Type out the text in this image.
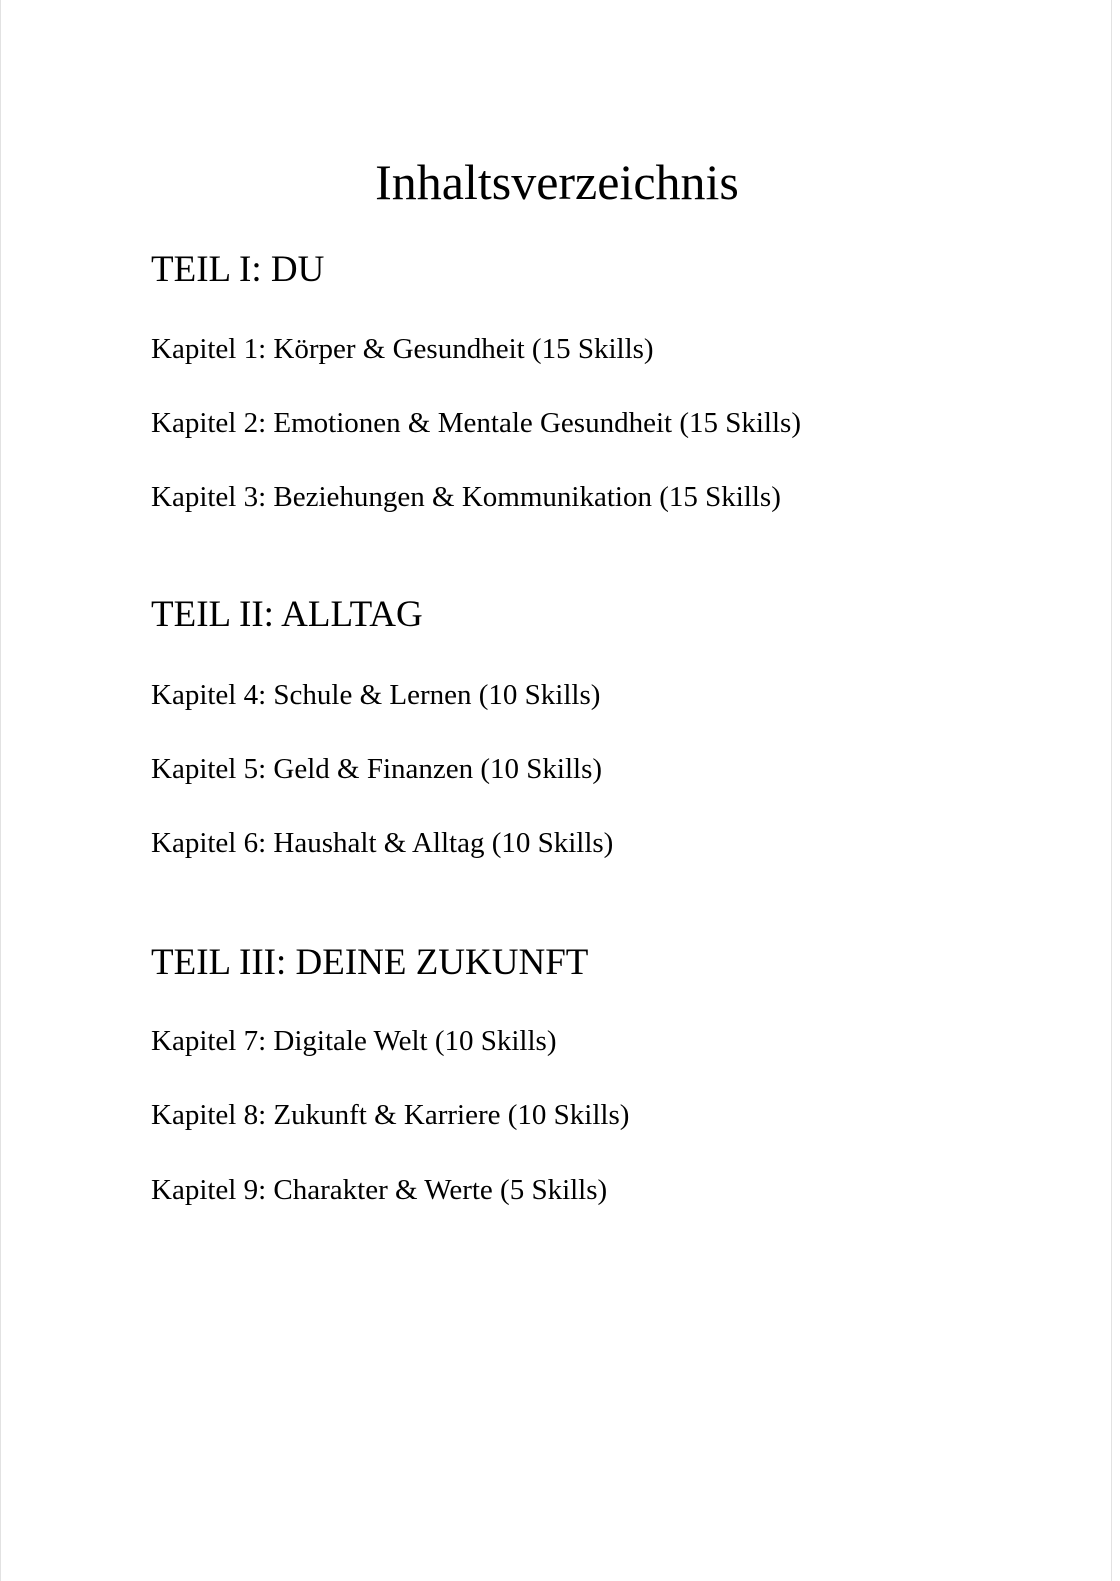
Inhaltsverzeichnis
TEIL I: DU
Kapitel 1: Körper & Gesundheit (15 Skills)
Kapitel 2: Emotionen & Mentale Gesundheit (15 Skills)
Kapitel 3: Beziehungen & Kommunikation (15 Skills)
TEIL II: ALLTAG
Kapitel 4: Schule & Lernen (10 Skills)
Kapitel 5: Geld & Finanzen (10 Skills)
Kapitel 6: Haushalt & Alltag (10 Skills)
TEIL III: DEINE ZUKUNFT
Kapitel 7: Digitale Welt (10 Skills)
Kapitel 8: Zukunft & Karriere (10 Skills)
Kapitel 9: Charakter & Werte (5 Skills)
